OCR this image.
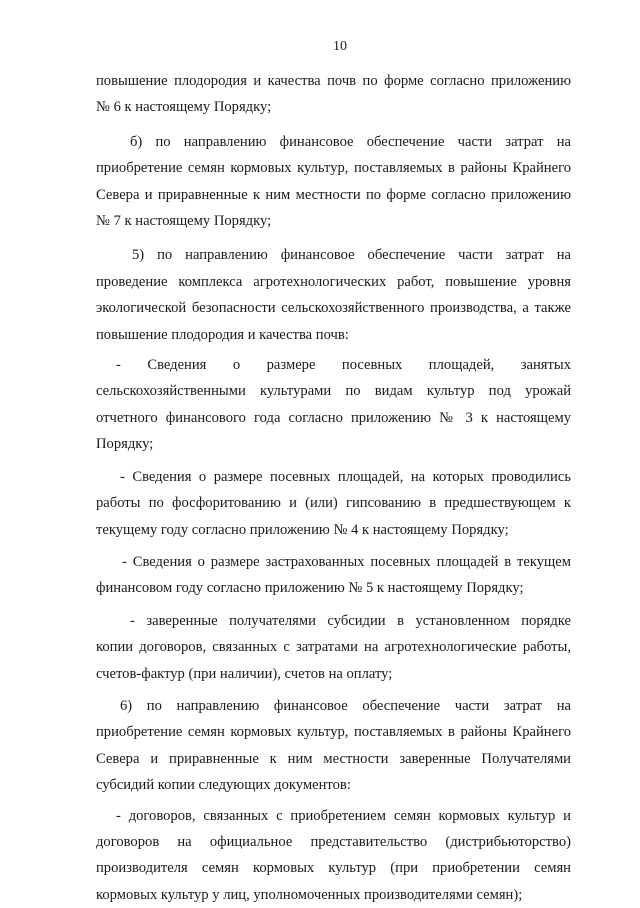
10
повышение плодородия и качества почв по форме согласно приложению
№ 6 к настоящему Порядку;
б) по направлению финансовое обеспечение части затрат на
приобретение семян кормовых культур, поставляемых в районы Крайнего
Севера и приравненные к ним местности по форме согласно приложению
№ 7 к настоящему Порядку;
5) по направлению финансовое обеспечение части затрат на
проведение комплекса агротехнологических работ, повышение уровня
экологической безопасности сельскохозяйственного производства, а также
повышение плодородия и качества почв:
- Сведения о размере посевных площадей, занятых
сельскохозяйственными культурами по видам культур под урожай
отчетного финансового года согласно приложению № 3 к настоящему
Порядку;
- Сведения о размере посевных площадей, на которых проводились
работы по фосфоритованию и (или) гипсованию в предшествующем к
текущему году согласно приложению № 4 к настоящему Порядку;
- Сведения о размере застрахованных посевных площадей в текущем
финансовом году согласно приложению № 5 к настоящему Порядку;
- заверенные получателями субсидии в установленном порядке
копии договоров, связанных с затратами на агротехнологические работы,
счетов-фактур (при наличии), счетов на оплату;
6) по направлению финансовое обеспечение части затрат на
приобретение семян кормовых культур, поставляемых в районы Крайнего
Севера и приравненные к ним местности заверенные Получателями
субсидий копии следующих документов:
- договоров, связанных с приобретением семян кормовых культур и
договоров на официальное представительство (дистрибьюторство)
производителя семян кормовых культур (при приобретении семян
кормовых культур у лиц, уполномоченных производителями семян);
